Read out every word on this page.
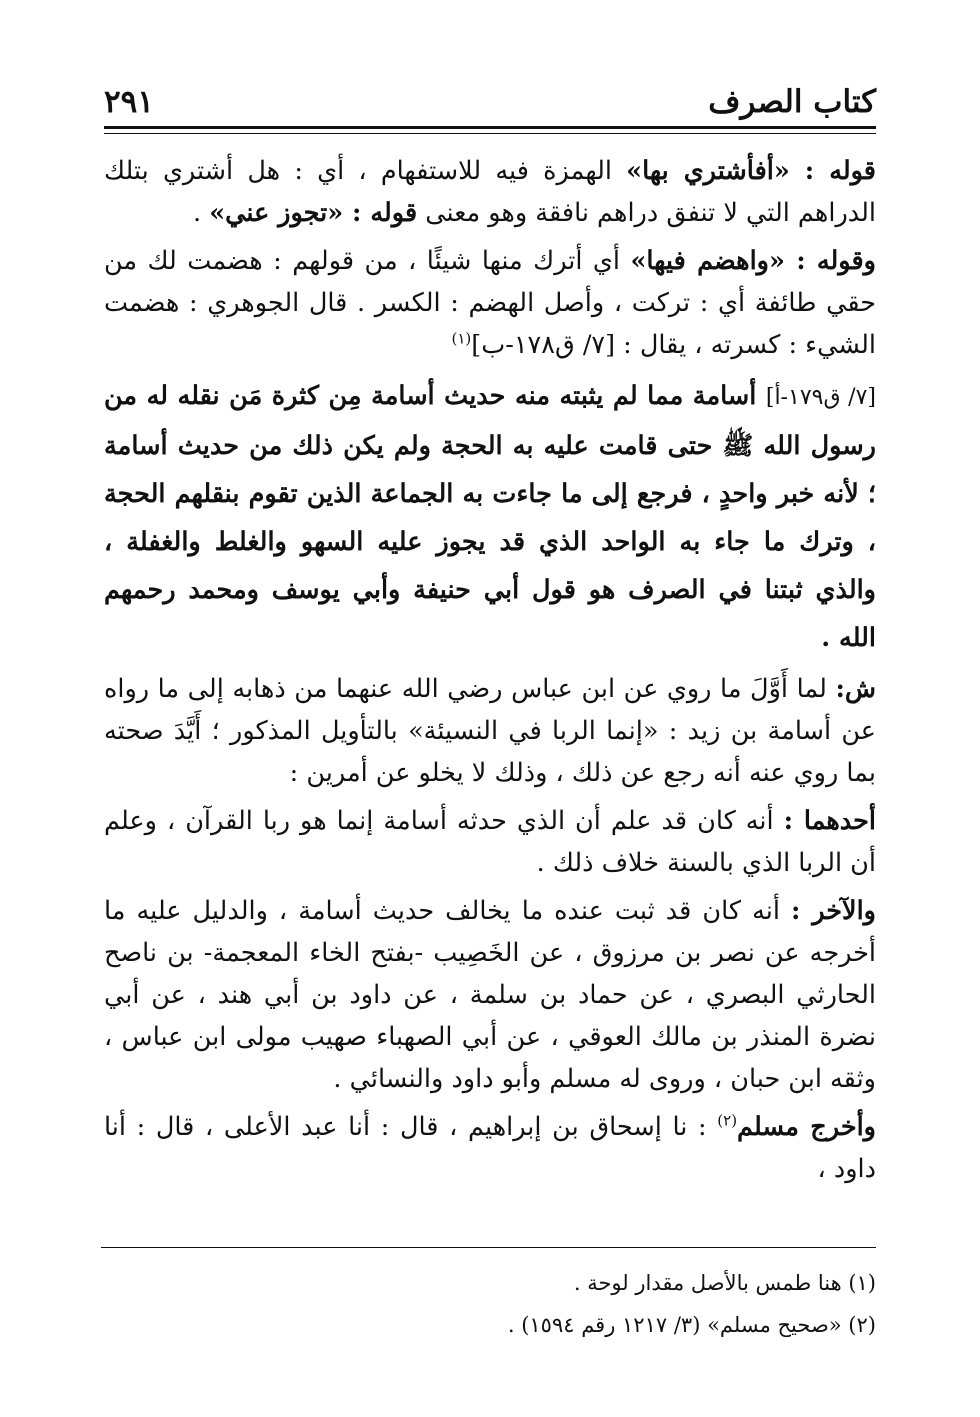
كتاب الصرف
٢٩١

قوله : «أفأشتري بها» الهمزة فيه للاستفهام ، أي : هل أشتري بتلك الدراهم التي لا تنفق دراهم نافقة وهو معنى قوله : «تجوز عني» .

وقوله : «واهضم فيها» أي أترك منها شيئًا ، من قولهم : هضمت لك من حقي طائفة أي : تركت ، وأصل الهضم : الكسر . قال الجوهري : هضمت الشيء : كسرته ، يقال : [٧/ ق١٧٨-ب]$^{(١)}$

[٧/ ق١٧٩-أ] أسامة مما لم يثبته منه حديث أسامة مِن كثرة مَن نقله له من رسول الله ﷺ حتى قامت عليه به الحجة ولم يكن ذلك من حديث أسامة ؛ لأنه خبر واحدٍ ، فرجع إلى ما جاءت به الجماعة الذين تقوم بنقلهم الحجة ، وترك ما جاء به الواحد الذي قد يجوز عليه السهو والغلط والغفلة ، والذي ثبتنا في الصرف هو قول أبي حنيفة وأبي يوسف ومحمد رحمهم الله .

ش: لما أَوَّلَ ما روي عن ابن عباس رضي الله عنهما من ذهابه إلى ما رواه عن أسامة بن زيد : «إنما الربا في النسيئة» بالتأويل المذكور ؛ أَيَّدَ صحته بما روي عنه أنه رجع عن ذلك ، وذلك لا يخلو عن أمرين :

أحدهما : أنه كان قد علم أن الذي حدثه أسامة إنما هو ربا القرآن ، وعلم أن الربا الذي بالسنة خلاف ذلك .

والآخر : أنه كان قد ثبت عنده ما يخالف حديث أسامة ، والدليل عليه ما أخرجه عن نصر بن مرزوق ، عن الخَصِيب -بفتح الخاء المعجمة- بن ناصح الحارثي البصري ، عن حماد بن سلمة ، عن داود بن أبي هند ، عن أبي نضرة المنذر بن مالك العوقي ، عن أبي الصهباء صهيب مولى ابن عباس ، وثقه ابن حبان ، وروى له مسلم وأبو داود والنسائي .

وأخرج مسلم$^{(٢)}$ : نا إسحاق بن إبراهيم ، قال : أنا عبد الأعلى ، قال : أنا داود ،

(١) هنا طمس بالأصل مقدار لوحة .

(٢) «صحيح مسلم» (٣/ ١٢١٧ رقم ١٥٩٤) .
